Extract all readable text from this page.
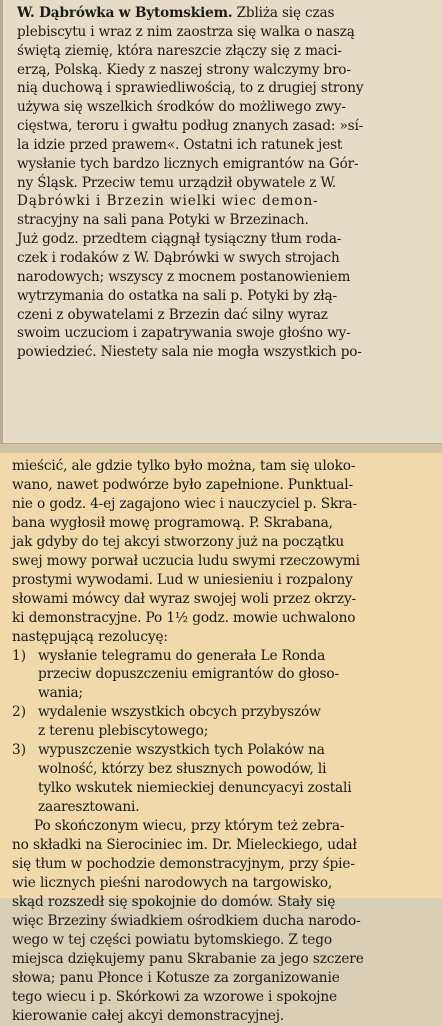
W. Dąbrówka w Bytomskiem. Zbliża się czas
plebiscytu i wraz z nim zaostrza się walka o naszą
świętą ziemię, która nareszcie złączy się z maci-
erzą, Polską. Kiedy z naszej strony walczymy bro-
nią duchową i sprawiedliwością, to z drugiej strony
używa się wszelkich środków do możliwego zwy-
cięstwa, teroru i gwałtu podług znanych zasad: »sí-
la idzie przed prawem«. Ostatni ich ratunek jest
wysłanie tych bardzo licznych emigrantów na Gór-
ny Śląsk. Przeciw temu urządził obywatele z W.
Dąbrówki i Brzezin wielki wiec demon-
stracyjny na sali pana Potyki w Brzezinach.
Już godz. przedtem ciągnął tysiączny tłum roda-
czek i rodaków z W. Dąbrówki w swych strojach
narodowych; wszyscy z mocnem postanowieniem
wytrzymania do ostatka na sali p. Potyki by złą-
czeni z obywatelami z Brzezin dać silny wyraz
swoim uczuciom i zapatrywania swoje głośno wy-
powiedzieć. Niestety sala nie mogła wszystkich po-

mieścić, ale gdzie tylko było można, tam się uloko-
wano, nawet podwórze było zapełnione. Punktual-
nie o godz. 4-ej zagajono wiec i nauczyciel p. Skra-
bana wygłosił mowę programową. P. Skrabana,
jak gdyby do tej akcyi stworzony już na początku
swej mowy porwał uczucia ludu swymi rzeczowymi
prostymi wywodami. Lud w uniesieniu i rozpalony
słowami mówcy dał wyraz swojej woli przez okrzy-
ki demonstracyjne. Po 1½ godz. mowie uchwalono
następującą rezolucyę:

1) wysłanie telegramu do generała Le Ronda
przeciw dopuszczeniu emigrantów do głoso-
wania;
2) wydalenie wszystkich obcych przybyszów
z terenu plebiscytowego;
3) wypuszczenie wszystkich tych Polaków na
wolność, którzy bez słusznych powodów, li
tylko wskutek niemieckiej denuncyacyi zostali
zaaresztowani.

Po skończonym wiecu, przy którym też zebra-
no składki na Sierociniec im. Dr. Mieleckiego, udał
się tłum w pochodzie demonstracyjnym, przy śpie-
wie licznych pieśni narodowych na targowisko,
skąd rozszedł się spokojnie do domów. Stały się
więc Brzeziny świadkiem ośrodkiem ducha narodo-
wego w tej części powiatu bytomskiego. Z tego
miejsca dziękujemy panu Skrabanie za jego szczere
słowa; panu Płonce i Kotusze za zorganizowanie
tego wiecu i p. Skórkowi za wzorowe i spokojne
kierowanie całej akcyi demonstracyjnej.
